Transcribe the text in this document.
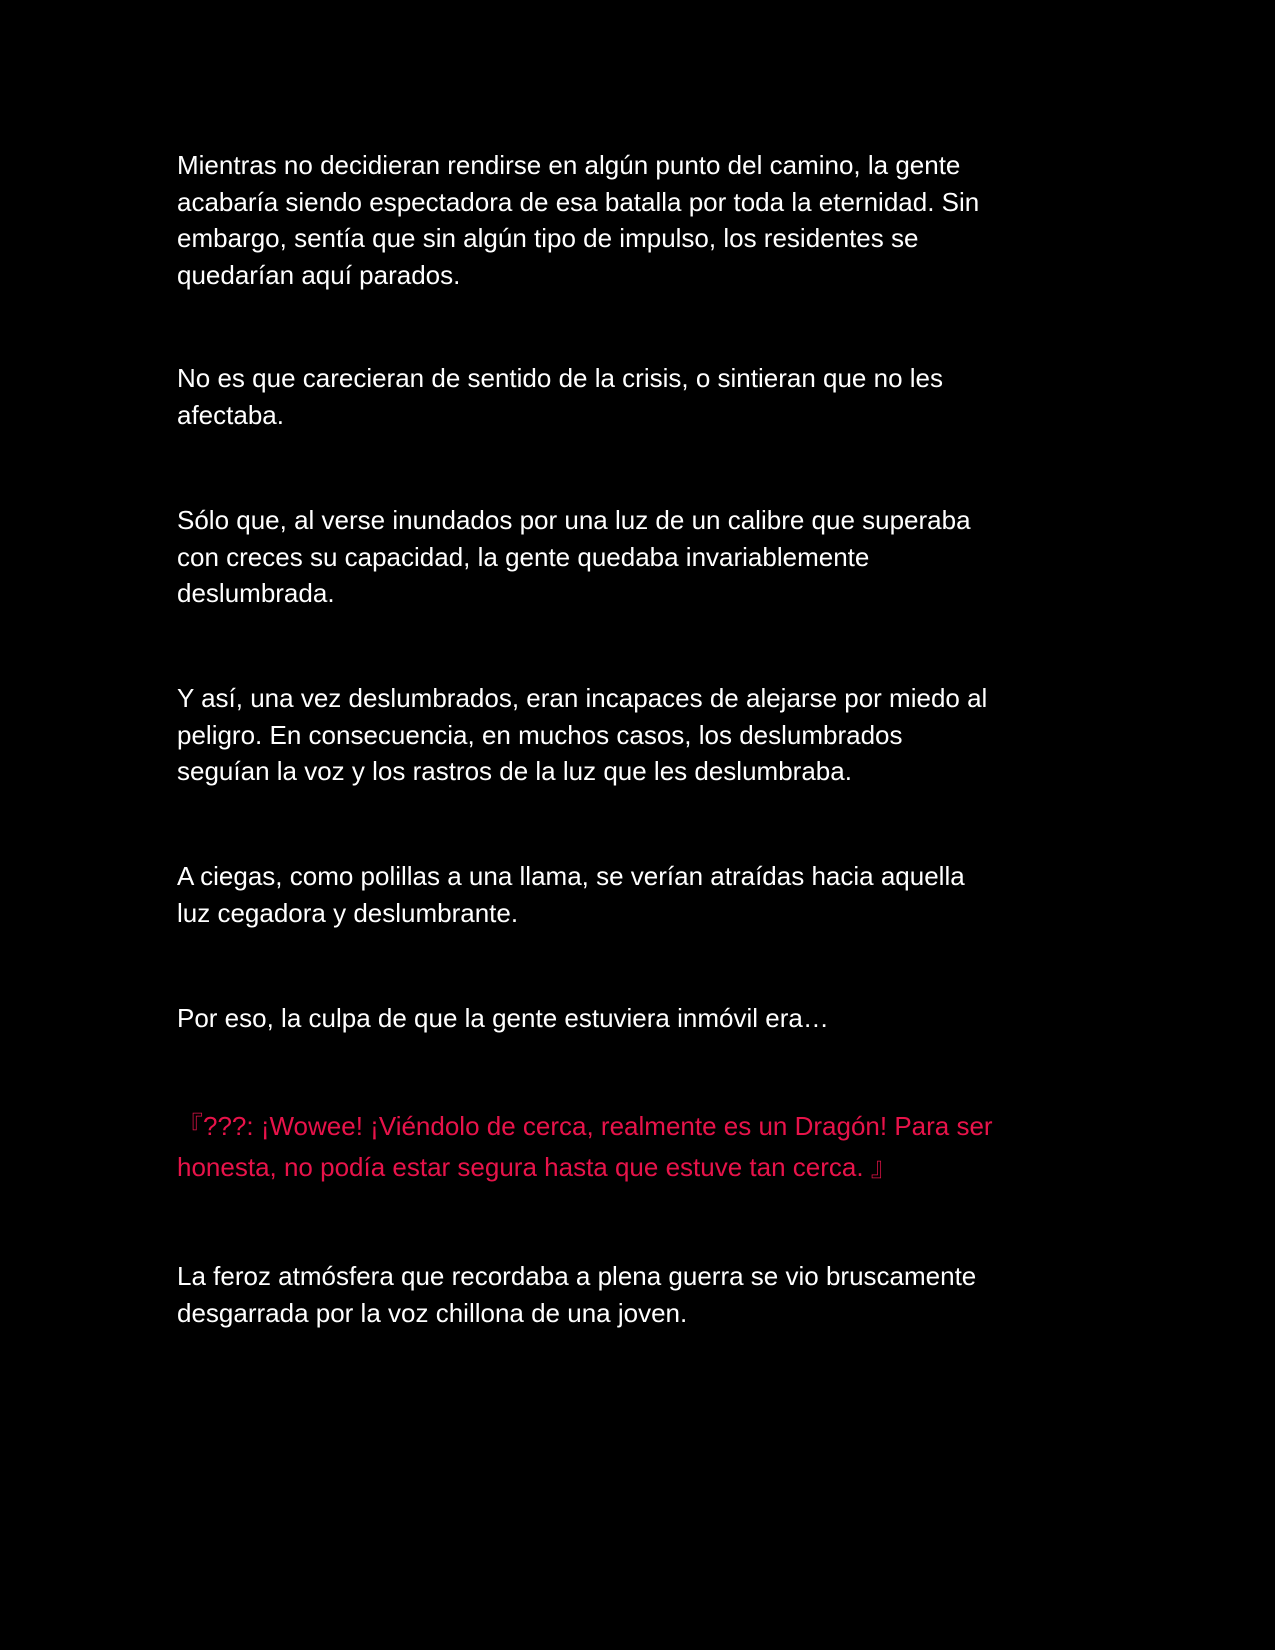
Mientras no decidieran rendirse en algún punto del camino, la gente
acabaría siendo espectadora de esa batalla por toda la eternidad. Sin
embargo, sentía que sin algún tipo de impulso, los residentes se
quedarían aquí parados.

No es que carecieran de sentido de la crisis, o sintieran que no les
afectaba.

Sólo que, al verse inundados por una luz de un calibre que superaba
con creces su capacidad, la gente quedaba invariablemente
deslumbrada.

Y así, una vez deslumbrados, eran incapaces de alejarse por miedo al
peligro. En consecuencia, en muchos casos, los deslumbrados
seguían la voz y los rastros de la luz que les deslumbraba.

A ciegas, como polillas a una llama, se verían atraídas hacia aquella
luz cegadora y deslumbrante.

Por eso, la culpa de que la gente estuviera inmóvil era…

『???: ¡Wowee! ¡Viéndolo de cerca, realmente es un Dragón! Para ser
honesta, no podía estar segura hasta que estuve tan cerca. 』

La feroz atmósfera que recordaba a plena guerra se vio bruscamente
desgarrada por la voz chillona de una joven.
